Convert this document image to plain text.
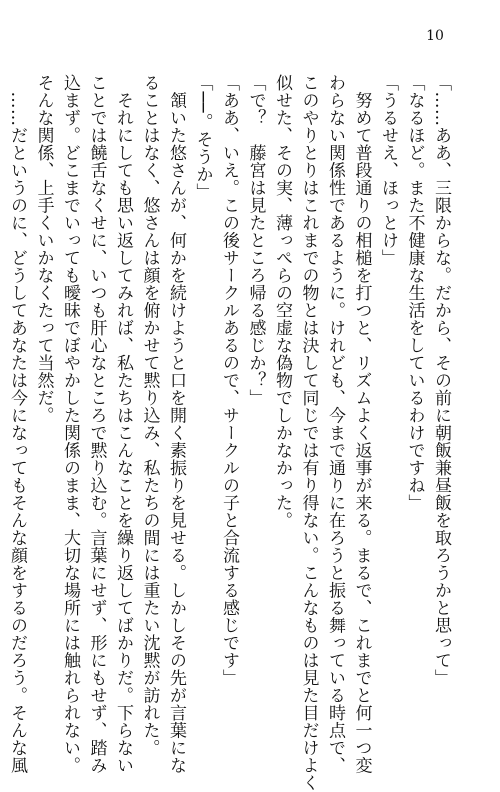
10
「……ああ、三限からな。だから、その前に朝飯兼昼飯を取ろうかと思って」
「なるほど。また不健康な生活をしているわけですね」
「うるせえ、ほっとけ」
　努めて普段通りの相槌を打つと、リズムよく返事が来る。まるで、これまでと何一つ変
わらない関係性であるように。けれども、今まで通りに在ろうと振る舞っている時点で、
このやりとりはこれまでの物とは決して同じでは有り得ない。こんなものは見た目だけよく
似せた、その実、薄っぺらの空虚な偽物でしかなかった。
「で？　藤宮は見たところ帰る感じか？」
「ああ、いえ。この後サークルあるので、サークルの子と合流する感じです」
「──。そうか」
　頷いた悠さんが、何かを続けようと口を開く素振りを見せる。しかしその先が言葉にな
ることはなく、悠さんは顔を俯かせて黙り込み、私たちの間には重たい沈黙が訪れた。
　それにしても思い返してみれば、私たちはこんなことを繰り返してばかりだ。下らない
ことでは饒舌なくせに、いつも肝心なところで黙り込む。言葉にせず、形にもせず、踏み
込まず。どこまでいっても曖昧でぼやかした関係のまま、大切な場所には触れられない。
そんな関係、上手くいかなくたって当然だ。
　……だというのに、どうしてあなたは今になってもそんな顔をするのだろう。そんな風
